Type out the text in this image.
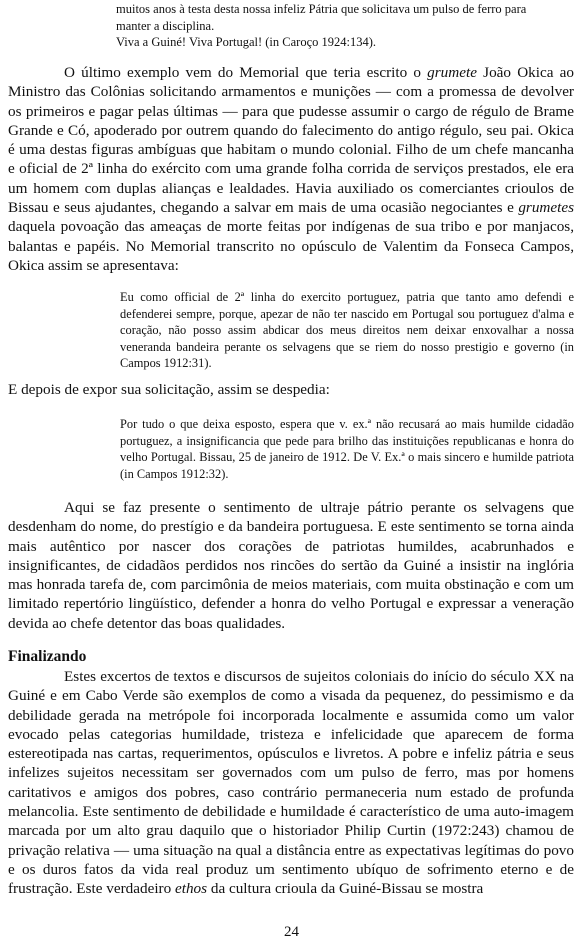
muitos anos à testa desta nossa infeliz Pátria que solicitava um pulso de ferro para
manter a disciplina.
Viva a Guiné! Viva Portugal! (in Caroço 1924:134).

O último exemplo vem do Memorial que teria escrito o grumete João Okica ao Ministro das Colônias solicitando armamentos e munições — com a promessa de devolver os primeiros e pagar pelas últimas — para que pudesse assumir o cargo de régulo de Brame Grande e Có, apoderado por outrem quando do falecimento do antigo régulo, seu pai. Okica é uma destas figuras ambíguas que habitam o mundo colonial. Filho de um chefe mancanha e oficial de 2ª linha do exército com uma grande folha corrida de serviços prestados, ele era um homem com duplas alianças e lealdades. Havia auxiliado os comerciantes crioulos de Bissau e seus ajudantes, chegando a salvar em mais de uma ocasião negociantes e grumetes daquela povoação das ameaças de morte feitas por indígenas de sua tribo e por manjacos, balantas e papéis. No Memorial transcrito no opúsculo de Valentim da Fonseca Campos, Okica assim se apresentava:

Eu como official de 2ª linha do exercito portuguez, patria que tanto amo defendi e defenderei sempre, porque, apezar de não ter nascido em Portugal sou portuguez d'alma e coração, não posso assim abdicar dos meus direitos nem deixar enxovalhar a nossa veneranda bandeira perante os selvagens que se riem do nosso prestigio e governo (in Campos 1912:31).

E depois de expor sua solicitação, assim se despedia:

Por tudo o que deixa esposto, espera que v. ex.ª não recusará ao mais humilde cidadão portuguez, a insignificancia que pede para brilho das instituições republicanas e honra do velho Portugal. Bissau, 25 de janeiro de 1912. De V. Ex.ª o mais sincero e humilde patriota (in Campos 1912:32).

Aqui se faz presente o sentimento de ultraje pátrio perante os selvagens que desdenham do nome, do prestígio e da bandeira portuguesa. E este sentimento se torna ainda mais autêntico por nascer dos corações de patriotas humildes, acabrunhados e insignificantes, de cidadãos perdidos nos rincões do sertão da Guiné a insistir na inglória mas honrada tarefa de, com parcimônia de meios materiais, com muita obstinação e com um limitado repertório lingüístico, defender a honra do velho Portugal e expressar a veneração devida ao chefe detentor das boas qualidades.

Finalizando

Estes excertos de textos e discursos de sujeitos coloniais do início do século XX na Guiné e em Cabo Verde são exemplos de como a visada da pequenez, do pessimismo e da debilidade gerada na metrópole foi incorporada localmente e assumida como um valor evocado pelas categorias humildade, tristeza e infelicidade que aparecem de forma estereotipada nas cartas, requerimentos, opúsculos e livretos. A pobre e infeliz pátria e seus infelizes sujeitos necessitam ser governados com um pulso de ferro, mas por homens caritativos e amigos dos pobres, caso contrário permaneceria num estado de profunda melancolia. Este sentimento de debilidade e humildade é característico de uma auto-imagem marcada por um alto grau daquilo que o historiador Philip Curtin (1972:243) chamou de privação relativa — uma situação na qual a distância entre as expectativas legítimas do povo e os duros fatos da vida real produz um sentimento ubíquo de sofrimento eterno e de frustração. Este verdadeiro ethos da cultura crioula da Guiné-Bissau se mostra

24
